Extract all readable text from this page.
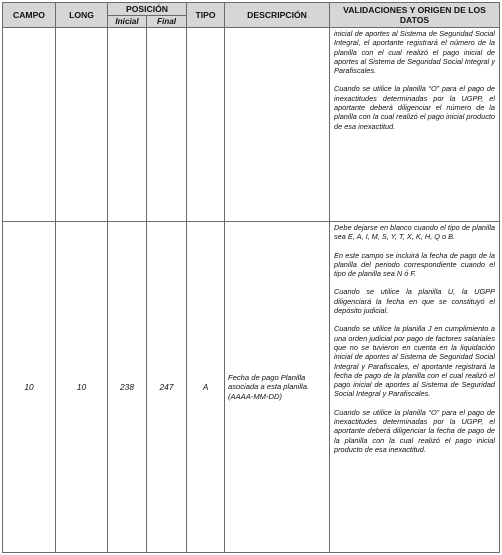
CAMPO	LONG	POSICIÓN		TIPO	DESCRIPCIÓN	VALIDACIONES Y ORIGEN DE LOS DATOS
		Inicial	Final			

						inicial de aportes al Sistema de Seguridad Social Integral, el aportante registrará el número de la planilla con el cual realizó el pago inicial de aportes al Sistema de Seguridad Social Integral y Parafiscales.

Cuando se utilice la planilla “O” para el pago de inexactitudes determinadas por la UGPP, el aportante deberá diligenciar el número de la planilla con la cual realizó el pago inicial producto de esa inexactitud.

10	10	238	247	A	Fecha de pago Planilla asociada a esta planilla. (AAAA-MM-DD)	Debe dejarse en blanco cuando el tipo de planilla sea E, A, I, M, S, Y, T, X, K, H, Q o B.

En este campo se incluirá la fecha de pago de la planilla del periodo correspondiente cuando el tipo de planilla sea N ó F.

Cuando se utilice la planilla U, la UGPP diligenciará la fecha en que se constituyó el depósito judicial.

Cuando se utilice la planilla J en cumplimiento a una orden judicial por pago de factores salariales que no se tuvieron en cuenta en la liquidación inicial de aportes al Sistema de Seguridad Social Integral y Parafiscales, el aportante registrará la fecha de pago de la planilla con el cual realizó el pago inicial de aportes al Sistema de Seguridad Social Integral y Parafiscales.

Cuando se utilice la planilla “O” para el pago de inexactitudes determinadas por la UGPP, el aportante deberá diligenciar la fecha de pago de la planilla con la cual realizó el pago inicial producto de esa inexactitud.
